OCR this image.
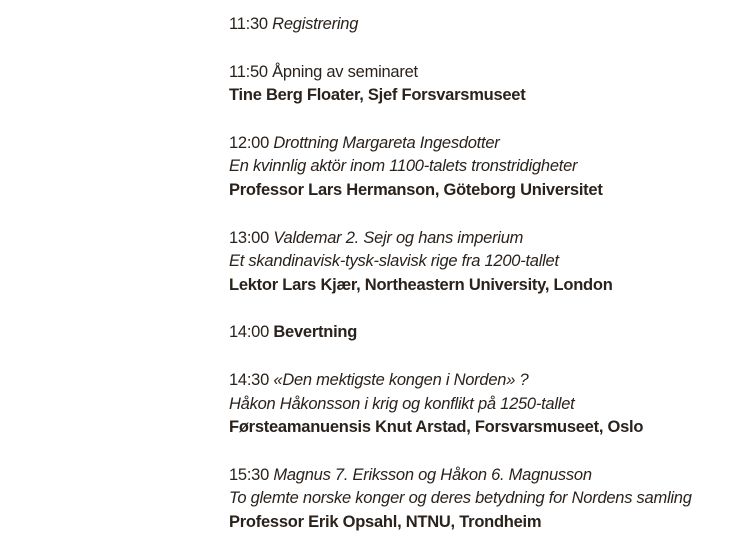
11:30 Registrering
11:50 Åpning av seminaret
Tine Berg Floater, Sjef Forsvarsmuseet
12:00 Drottning Margareta Ingesdotter
En kvinnlig aktör inom 1100-talets tronstridigheter
Professor Lars Hermanson, Göteborg Universitet
13:00 Valdemar 2. Sejr og hans imperium
Et skandinavisk-tysk-slavisk rige fra 1200-tallet
Lektor Lars Kjær, Northeastern University, London
14:00 Bevertning
14:30 «Den mektigste kongen i Norden» ?
Håkon Håkonsson i krig og konflikt på 1250-tallet
Førsteamanuensis Knut Arstad, Forsvarsmuseet, Oslo
15:30 Magnus 7. Eriksson og Håkon 6. Magnusson
To glemte norske konger og deres betydning for Nordens samling
Professor Erik Opsahl, NTNU, Trondheim
